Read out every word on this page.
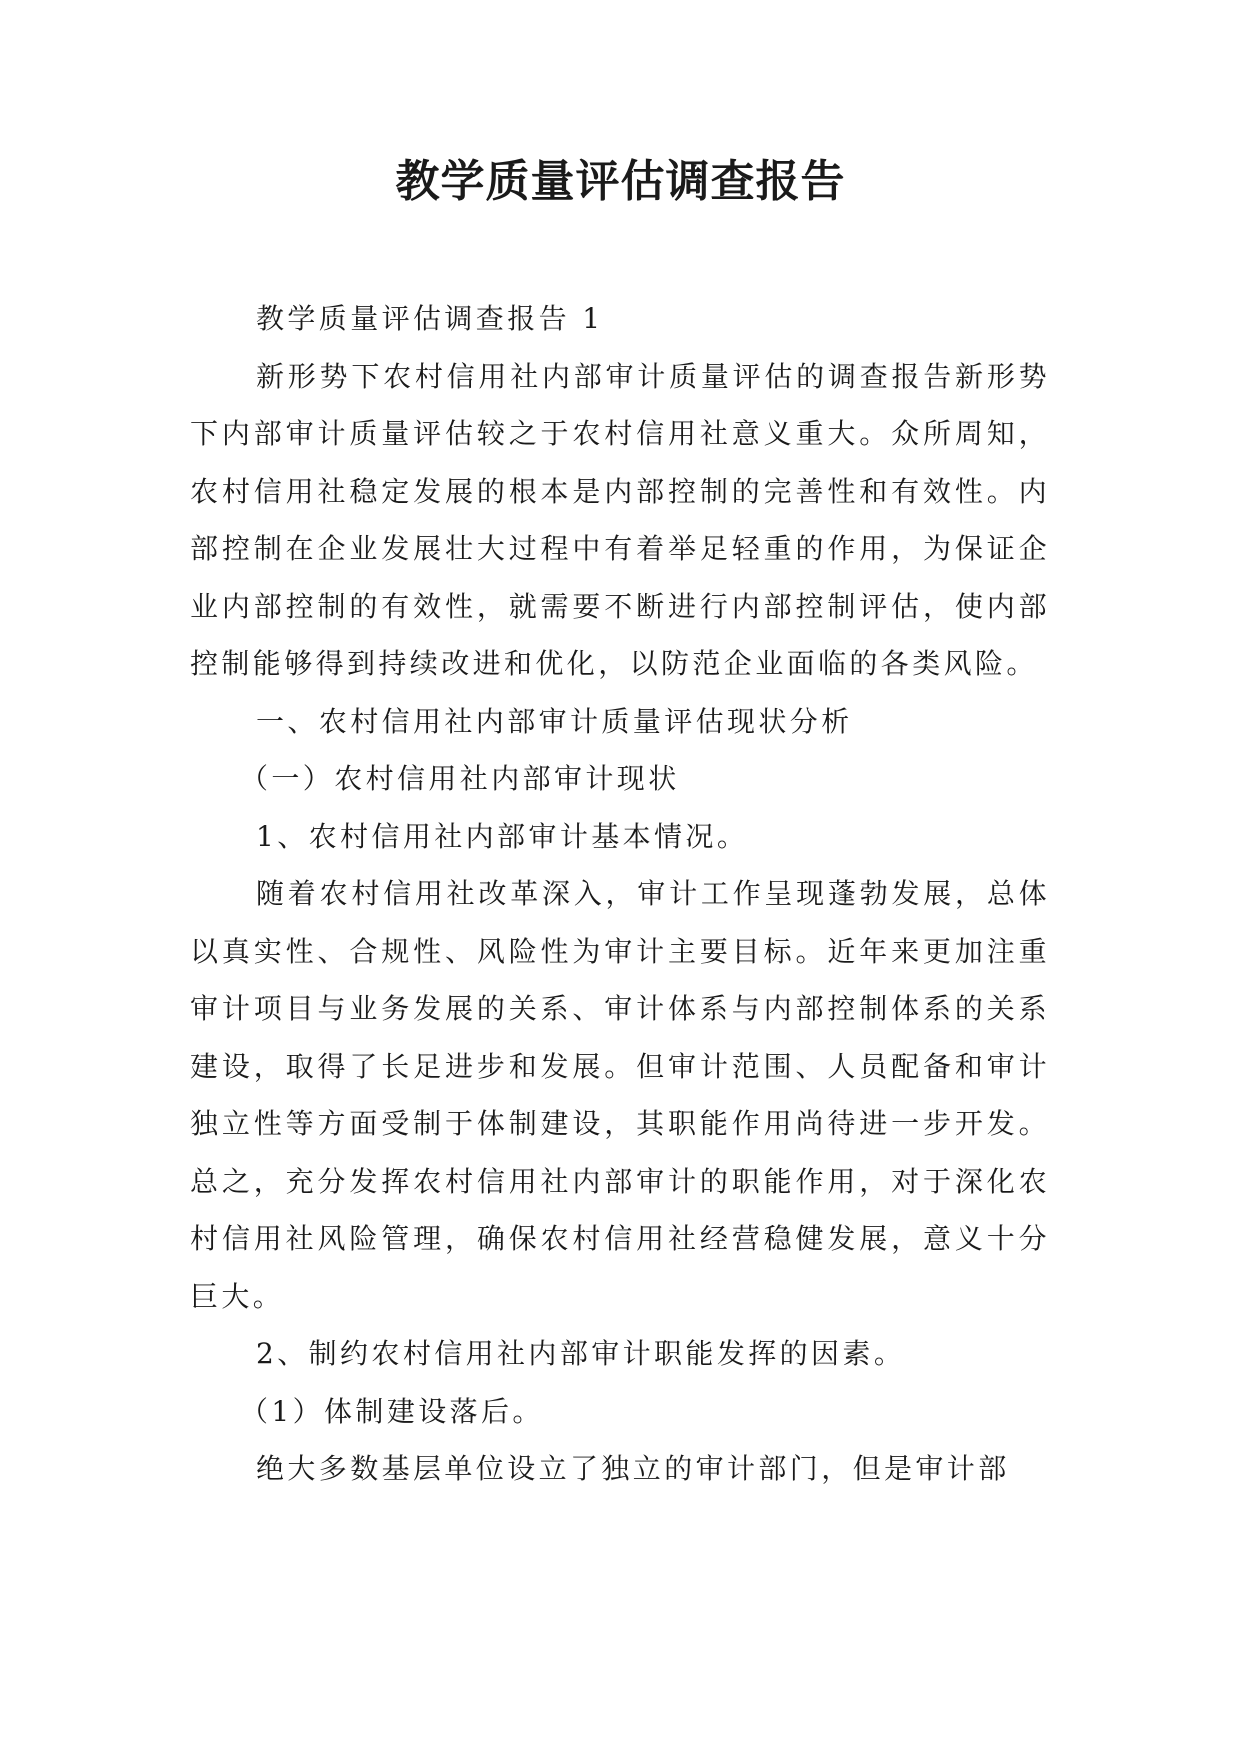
教学质量评估调查报告

教学质量评估调查报告 1

新形势下农村信用社内部审计质量评估的调查报告新形势下内部审计质量评估较之于农村信用社意义重大。众所周知，农村信用社稳定发展的根本是内部控制的完善性和有效性。内部控制在企业发展壮大过程中有着举足轻重的作用，为保证企业内部控制的有效性，就需要不断进行内部控制评估，使内部控制能够得到持续改进和优化，以防范企业面临的各类风险。

一、农村信用社内部审计质量评估现状分析

（一）农村信用社内部审计现状

1、农村信用社内部审计基本情况。

随着农村信用社改革深入，审计工作呈现蓬勃发展，总体以真实性、合规性、风险性为审计主要目标。近年来更加注重审计项目与业务发展的关系、审计体系与内部控制体系的关系建设，取得了长足进步和发展。但审计范围、人员配备和审计独立性等方面受制于体制建设，其职能作用尚待进一步开发。总之，充分发挥农村信用社内部审计的职能作用，对于深化农村信用社风险管理，确保农村信用社经营稳健发展，意义十分巨大。

2、制约农村信用社内部审计职能发挥的因素。

（1）体制建设落后。

绝大多数基层单位设立了独立的审计部门，但是审计部
